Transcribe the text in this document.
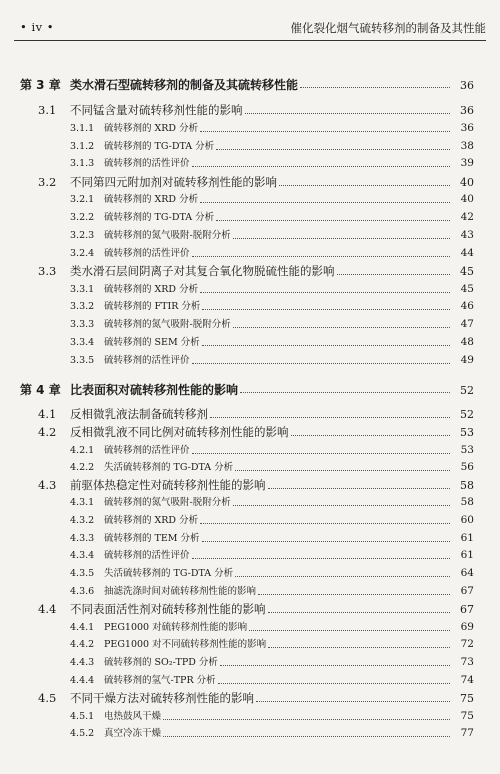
• iv •	催化裂化烟气硫转移剂的制备及其性能
第 3 章 类水滑石型硫转移剂的制备及其硫转移性能	36
3.1	不同锰含量对硫转移剂性能的影响	36
3.1.1	硫转移剂的 XRD 分析	36
3.1.2	硫转移剂的 TG-DTA 分析	38
3.1.3	硫转移剂的活性评价	39
3.2	不同第四元附加剂对硫转移剂性能的影响	40
3.2.1	硫转移剂的 XRD 分析	40
3.2.2	硫转移剂的 TG-DTA 分析	42
3.2.3	硫转移剂的氮气吸附-脱附分析	43
3.2.4	硫转移剂的活性评价	44
3.3	类水滑石层间阴离子对其复合氧化物脱硫性能的影响	45
3.3.1	硫转移剂的 XRD 分析	45
3.3.2	硫转移剂的 FTIR 分析	46
3.3.3	硫转移剂的氮气吸附-脱附分析	47
3.3.4	硫转移剂的 SEM 分析	48
3.3.5	硫转移剂的活性评价	49
第 4 章 比表面积对硫转移剂性能的影响	52
4.1	反相微乳液法制备硫转移剂	52
4.2	反相微乳液不同比例对硫转移剂性能的影响	53
4.2.1	硫转移剂的活性评价	53
4.2.2	失活硫转移剂的 TG-DTA 分析	56
4.3	前驱体热稳定性对硫转移剂性能的影响	58
4.3.1	硫转移剂的氮气吸附-脱附分析	58
4.3.2	硫转移剂的 XRD 分析	60
4.3.3	硫转移剂的 TEM 分析	61
4.3.4	硫转移剂的活性评价	61
4.3.5	失活硫转移剂的 TG-DTA 分析	64
4.3.6	抽滤洗涤时间对硫转移剂性能的影响	67
4.4	不同表面活性剂对硫转移剂性能的影响	67
4.4.1	PEG1000 对硫转移剂性能的影响	69
4.4.2	PEG1000 对不同硫转移剂性能的影响	72
4.4.3	硫转移剂的 SO₂-TPD 分析	73
4.4.4	硫转移剂的氢气-TPR 分析	74
4.5	不同干燥方法对硫转移剂性能的影响	75
4.5.1	电热鼓风干燥	75
4.5.2	真空冷冻干燥	77
